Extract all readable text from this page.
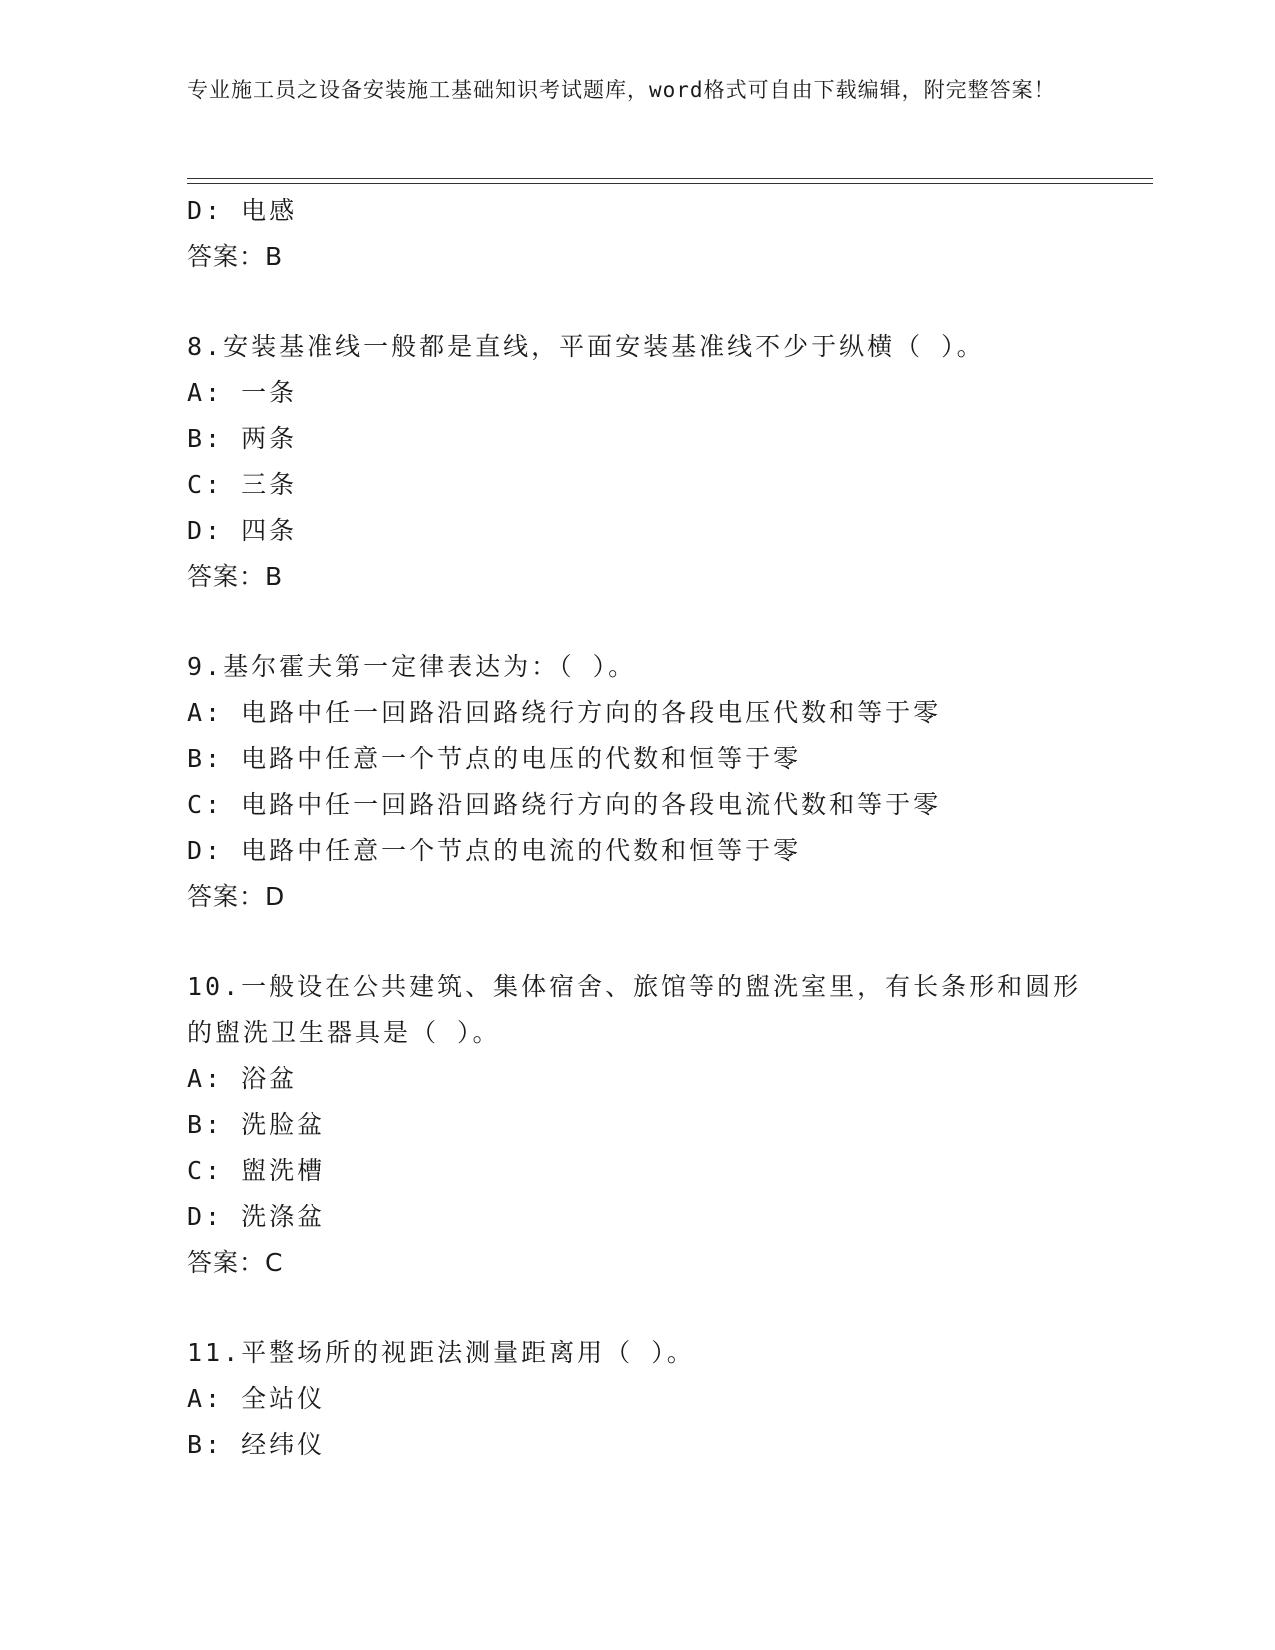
专业施工员之设备安装施工基础知识考试题库，word格式可自由下载编辑，附完整答案！
D: 电感
答案：B
8.安装基准线一般都是直线，平面安装基准线不少于纵横（ ）。
A: 一条
B: 两条
C: 三条
D: 四条
答案：B
9.基尔霍夫第一定律表达为：（ ）。
A: 电路中任一回路沿回路绕行方向的各段电压代数和等于零
B: 电路中任意一个节点的电压的代数和恒等于零
C: 电路中任一回路沿回路绕行方向的各段电流代数和等于零
D: 电路中任意一个节点的电流的代数和恒等于零
答案：D
10.一般设在公共建筑、集体宿舍、旅馆等的盥洗室里，有长条形和圆形的盥洗卫生器具是（ ）。
A: 浴盆
B: 洗脸盆
C: 盥洗槽
D: 洗涤盆
答案：C
11.平整场所的视距法测量距离用（ ）。
A: 全站仪
B: 经纬仪
